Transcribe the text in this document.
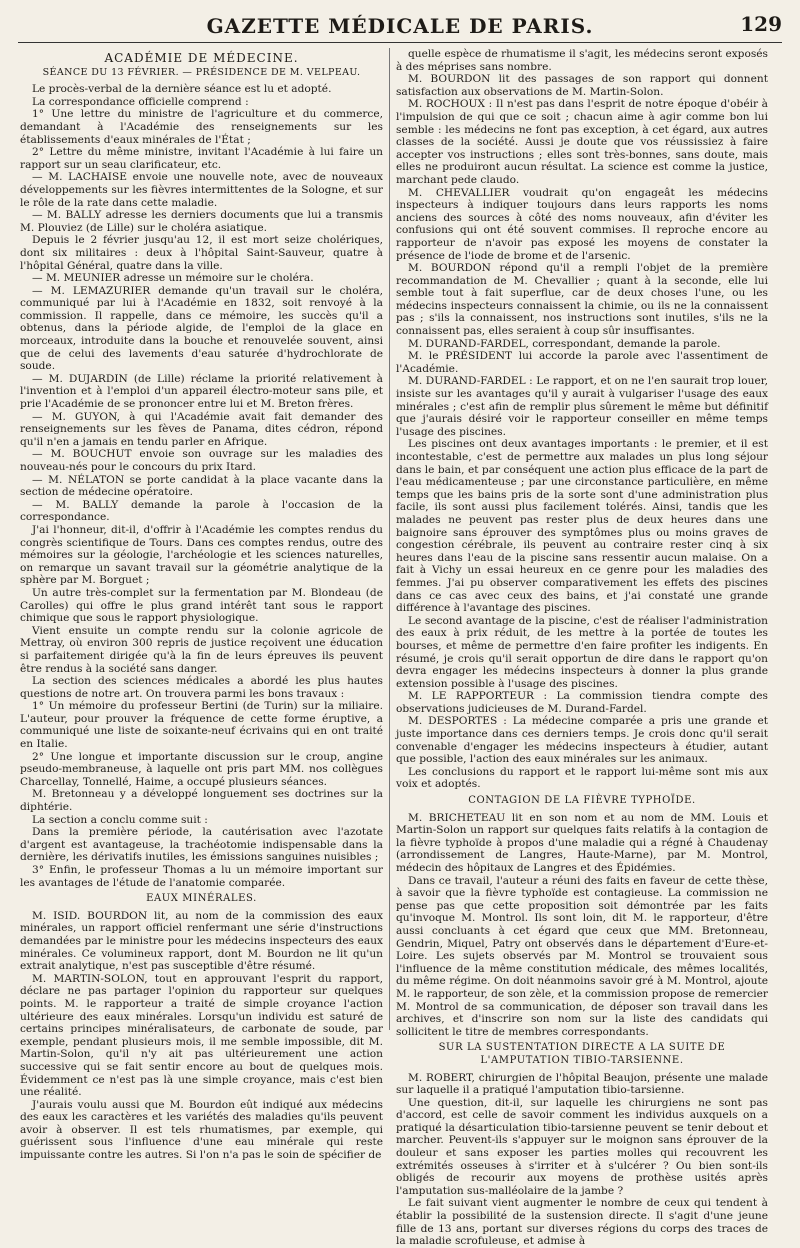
GAZETTE MÉDICALE DE PARIS.	129
ACADÉMIE DE MÉDECINE.
SÉANCE DU 13 FÉVRIER. — PRÉSIDENCE DE M. VELPEAU.

Le procès-verbal de la dernière séance est lu et adopté.

La correspondance officielle comprend :

1° Une lettre du ministre de l'agriculture et du commerce, demandant à l'Académie des renseignements sur les établissements d'eaux minérales de l'État ;

2° Lettre du même ministre, invitant l'Académie à lui faire un rapport sur un seau clarificateur, etc.

— M. LACHAISE envoie une nouvelle note, avec de nouveaux développements sur les fièvres intermittentes de la Sologne, et sur le rôle de la rate dans cette maladie.

— M. BALLY adresse les derniers documents que lui a transmis M. Plouviez (de Lille) sur le choléra asiatique.

Depuis le 2 février jusqu'au 12, il est mort seize cholériques, dont six militaires : deux à l'hôpital Saint-Sauveur, quatre à l'hôpital Général, quatre dans la ville.

— M. MEUNIER adresse un mémoire sur le choléra.

— M. LEMAZURIER demande qu'un travail sur le choléra, communiqué par lui à l'Académie en 1832, soit renvoyé à la commission. Il rappelle, dans ce mémoire, les succès qu'il a obtenus, dans la période algide, de l'emploi de la glace en morceaux, introduite dans la bouche et renouvelée souvent, ainsi que de celui des lavements d'eau saturée d'hydrochlorate de soude.

— M. DUJARDIN (de Lille) réclame la priorité relativement à l'invention et à l'emploi d'un appareil électro-moteur sans pile, et prie l'Académie de se prononcer entre lui et M. Breton frères.

— M. GUYON, à qui l'Académie avait fait demander des renseignements sur les fèves de Panama, dites cédron, répond qu'il n'en a jamais en tendu parler en Afrique.

— M. BOUCHUT envoie son ouvrage sur les maladies des nouveau-nés pour le concours du prix Itard.

— M. NÉLATON se porte candidat à la place vacante dans la section de médecine opératoire.

— M. BALLY demande la parole à l'occasion de la correspondance.

J'ai l'honneur, dit-il, d'offrir à l'Académie les comptes rendus du congrès scientifique de Tours. Dans ces comptes rendus, outre des mémoires sur la géologie, l'archéologie et les sciences naturelles, on remarque un savant travail sur la géométrie analytique de la sphère par M. Borguet ;

Un autre très-complet sur la fermentation par M. Blondeau (de Carolles) qui offre le plus grand intérêt tant sous le rapport chimique que sous le rapport physiologique.

Vient ensuite un compte rendu sur la colonie agricole de Mettray, où environ 300 repris de justice reçoivent une éducation si parfaitement dirigée qu'à la fin de leurs épreuves ils peuvent être rendus à la société sans danger.

La section des sciences médicales a abordé les plus hautes questions de notre art. On trouvera parmi les bons travaux :

1° Un mémoire du professeur Bertini (de Turin) sur la miliaire. L'auteur, pour prouver la fréquence de cette forme éruptive, a communiqué une liste de soixante-neuf écrivains qui en ont traité en Italie.

2° Une longue et importante discussion sur le croup, angine pseudo-membraneuse, à laquelle ont pris part MM. nos collègues Charcellay, Tonnellé, Haime, a occupé plusieurs séances.

M. Bretonneau y a développé longuement ses doctrines sur la diphtérie.

La section a conclu comme suit :

Dans la première période, la cautérisation avec l'azotate d'argent est avantageuse, la trachéotomie indispensable dans la dernière, les dérivatifs inutiles, les émissions sanguines nuisibles ;

3° Enfin, le professeur Thomas a lu un mémoire important sur les avantages de l'étude de l'anatomie comparée.

EAUX MINÉRALES.

M. ISID. BOURDON lit, au nom de la commission des eaux minérales, un rapport officiel renfermant une série d'instructions demandées par le ministre pour les médecins inspecteurs des eaux minérales. Ce volumineux rapport, dont M. Bourdon ne lit qu'un extrait analytique, n'est pas susceptible d'être résumé.

M. MARTIN-SOLON, tout en approuvant l'esprit du rapport, déclare ne pas partager l'opinion du rapporteur sur quelques points. M. le rapporteur a traité de simple croyance l'action ultérieure des eaux minérales. Lorsqu'un individu est saturé de certains principes minéralisateurs, de carbonate de soude, par exemple, pendant plusieurs mois, il me semble impossible, dit M. Martin-Solon, qu'il n'y ait pas ultérieurement une action successive qui se fait sentir encore au bout de quelques mois. Évidemment ce n'est pas là une simple croyance, mais c'est bien une réalité.

J'aurais voulu aussi que M. Bourdon eût indiqué aux médecins des eaux les caractères et les variétés des maladies qu'ils peuvent avoir à observer. Il est tels rhumatismes, par exemple, qui guérissent sous l'influence d'une eau minérale qui reste impuissante contre les autres. Si l'on n'a pas le soin de spécifier de

quelle espèce de rhumatisme il s'agit, les médecins seront exposés à des méprises sans nombre.

M. BOURDON lit des passages de son rapport qui donnent satisfaction aux observations de M. Martin-Solon.

M. ROCHOUX : Il n'est pas dans l'esprit de notre époque d'obéir à l'impulsion de qui que ce soit ; chacun aime à agir comme bon lui semble : les médecins ne font pas exception, à cet égard, aux autres classes de la société. Aussi je doute que vos réussissiez à faire accepter vos instructions ; elles sont très-bonnes, sans doute, mais elles ne produiront aucun résultat. La science est comme la justice, marchant pede claudo.

M. CHEVALLIER voudrait qu'on engageât les médecins inspecteurs à indiquer toujours dans leurs rapports les noms anciens des sources à côté des noms nouveaux, afin d'éviter les confusions qui ont été souvent commises. Il reproche encore au rapporteur de n'avoir pas exposé les moyens de constater la présence de l'iode de brome et de l'arsenic.

M. BOURDON répond qu'il a rempli l'objet de la première recommandation de M. Chevallier ; quant à la seconde, elle lui semble tout à fait superflue, car de deux choses l'une, ou les médecins inspecteurs connaissent la chimie, ou ils ne la connaissent pas ; s'ils la connaissent, nos instructions sont inutiles, s'ils ne la connaissent pas, elles seraient à coup sûr insuffisantes.

M. DURAND-FARDEL, correspondant, demande la parole.

M. le PRÉSIDENT lui accorde la parole avec l'assentiment de l'Académie.

M. DURAND-FARDEL : Le rapport, et on ne l'en saurait trop louer, insiste sur les avantages qu'il y aurait à vulgariser l'usage des eaux minérales ; c'est afin de remplir plus sûrement le même but définitif que j'aurais désiré voir le rapporteur conseiller en même temps l'usage des piscines.

Les piscines ont deux avantages importants : le premier, et il est incontestable, c'est de permettre aux malades un plus long séjour dans le bain, et par conséquent une action plus efficace de la part de l'eau médicamenteuse ; par une circonstance particulière, en même temps que les bains pris de la sorte sont d'une administration plus facile, ils sont aussi plus facilement tolérés. Ainsi, tandis que les malades ne peuvent pas rester plus de deux heures dans une baignoire sans éprouver des symptômes plus ou moins graves de congestion cérébrale, ils peuvent au contraire rester cinq à six heures dans l'eau de la piscine sans ressentir aucun malaise. On a fait à Vichy un essai heureux en ce genre pour les maladies des femmes. J'ai pu observer comparativement les effets des piscines dans ce cas avec ceux des bains, et j'ai constaté une grande différence à l'avantage des piscines.

Le second avantage de la piscine, c'est de réaliser l'administration des eaux à prix réduit, de les mettre à la portée de toutes les bourses, et même de permettre d'en faire profiter les indigents. En résumé, je crois qu'il serait opportun de dire dans le rapport qu'on devra engager les médecins inspecteurs à donner la plus grande extension possible à l'usage des piscines.

M. LE RAPPORTEUR : La commission tiendra compte des observations judicieuses de M. Durand-Fardel.

M. DESPORTES : La médecine comparée a pris une grande et juste importance dans ces derniers temps. Je crois donc qu'il serait convenable d'engager les médecins inspecteurs à étudier, autant que possible, l'action des eaux minérales sur les animaux.

Les conclusions du rapport et le rapport lui-même sont mis aux voix et adoptés.

CONTAGION DE LA FIÈVRE TYPHOÏDE.

M. BRICHETEAU lit en son nom et au nom de MM. Louis et Martin-Solon un rapport sur quelques faits relatifs à la contagion de la fièvre typhoïde à propos d'une maladie qui a régné à Chaudenay (arrondissement de Langres, Haute-Marne), par M. Montrol, médecin des hôpitaux de Langres et des Épidémies.

Dans ce travail, l'auteur a réuni des faits en faveur de cette thèse, à savoir que la fièvre typhoïde est contagieuse. La commission ne pense pas que cette proposition soit démontrée par les faits qu'invoque M. Montrol. Ils sont loin, dit M. le rapporteur, d'être aussi concluants à cet égard que ceux que MM. Bretonneau, Gendrin, Miquel, Patry ont observés dans le département d'Eure-et-Loire. Les sujets observés par M. Montrol se trouvaient sous l'influence de la même constitution médicale, des mêmes localités, du même régime. On doit néanmoins savoir gré à M. Montrol, ajoute M. le rapporteur, de son zèle, et la commission propose de remercier M. Montrol de sa communication, de déposer son travail dans les archives, et d'inscrire son nom sur la liste des candidats qui sollicitent le titre de membres correspondants.

SUR LA SUSTENTATION DIRECTE A LA SUITE DE L'AMPUTATION TIBIO-TARSIENNE.

M. ROBERT, chirurgien de l'hôpital Beaujon, présente une malade sur laquelle il a pratiqué l'amputation tibio-tarsienne.

Une question, dit-il, sur laquelle les chirurgiens ne sont pas d'accord, est celle de savoir comment les individus auxquels on a pratiqué la désarticulation tibio-tarsienne peuvent se tenir debout et marcher. Peuvent-ils s'appuyer sur le moignon sans éprouver de la douleur et sans exposer les parties molles qui recouvrent les extrémités osseuses à s'irriter et à s'ulcérer ? Ou bien sont-ils obligés de recourir aux moyens de prothèse usités après l'amputation sus-malléolaire de la jambe ?

Le fait suivant vient augmenter le nombre de ceux qui tendent à établir la possibilité de la sustension directe. Il s'agit d'une jeune fille de 13 ans, portant sur diverses régions du corps des traces de la maladie scrofuleuse, et admise à
